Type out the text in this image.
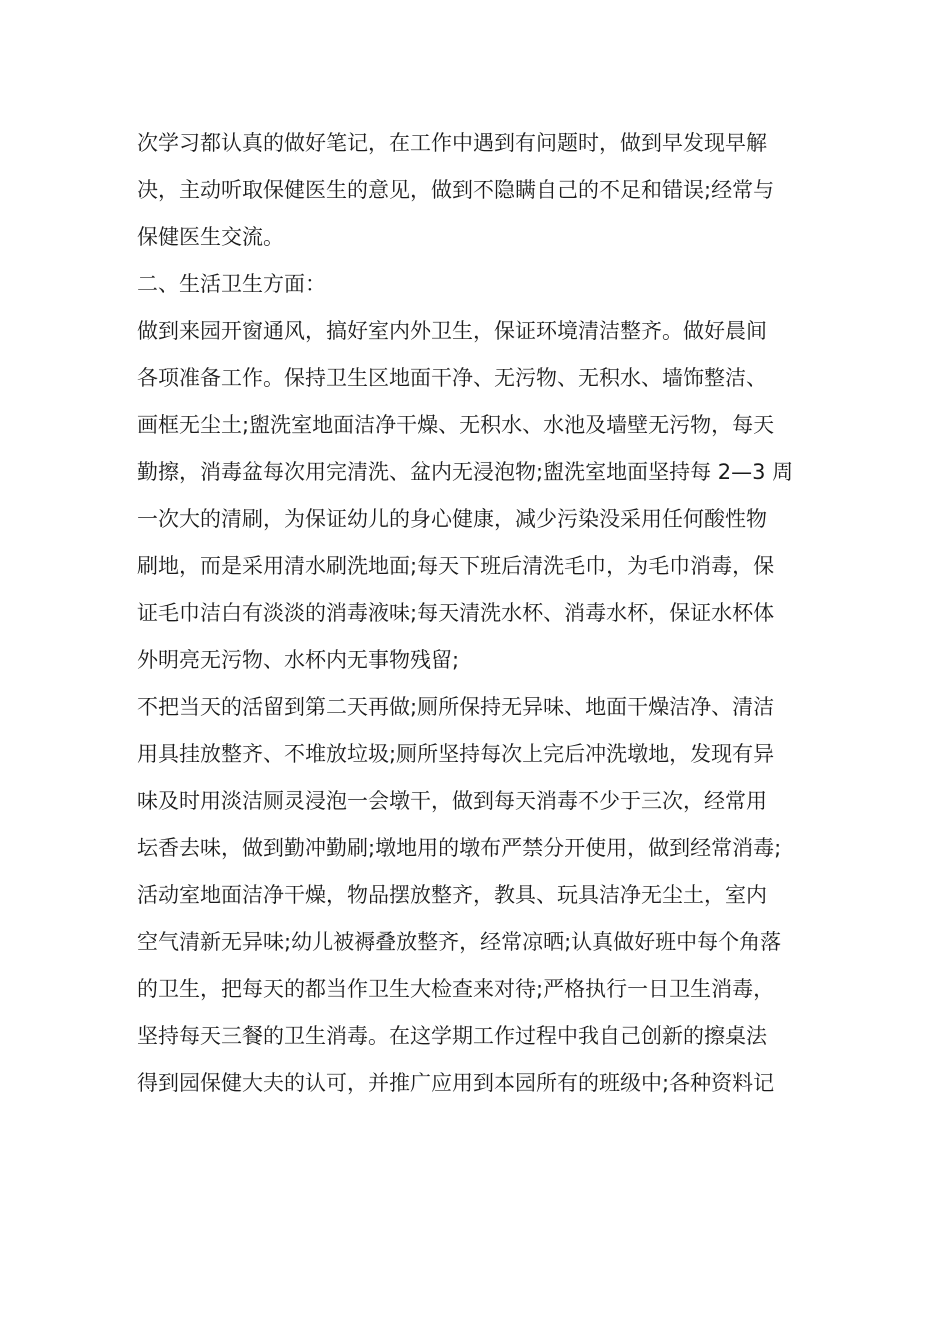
次学习都认真的做好笔记，在工作中遇到有问题时，做到早发现早解
决，主动听取保健医生的意见，做到不隐瞒自己的不足和错误;经常与
保健医生交流。
二、生活卫生方面：
做到来园开窗通风，搞好室内外卫生，保证环境清洁整齐。做好晨间
各项准备工作。保持卫生区地面干净、无污物、无积水、墙饰整洁、
画框无尘土;盥洗室地面洁净干燥、无积水、水池及墙壁无污物，每天
勤擦，消毒盆每次用完清洗、盆内无浸泡物;盥洗室地面坚持每 2—3 周
一次大的清刷，为保证幼儿的身心健康，减少污染没采用任何酸性物
刷地，而是采用清水刷洗地面;每天下班后清洗毛巾，为毛巾消毒，保
证毛巾洁白有淡淡的消毒液味;每天清洗水杯、消毒水杯，保证水杯体
外明亮无污物、水杯内无事物残留;
不把当天的活留到第二天再做;厕所保持无异味、地面干燥洁净、清洁
用具挂放整齐、不堆放垃圾;厕所坚持每次上完后冲洗墩地，发现有异
味及时用淡洁厕灵浸泡一会墩干，做到每天消毒不少于三次，经常用
坛香去味，做到勤冲勤刷;墩地用的墩布严禁分开使用，做到经常消毒;
活动室地面洁净干燥，物品摆放整齐，教具、玩具洁净无尘土，室内
空气清新无异味;幼儿被褥叠放整齐，经常凉晒;认真做好班中每个角落
的卫生，把每天的都当作卫生大检查来对待;严格执行一日卫生消毒，
坚持每天三餐的卫生消毒。在这学期工作过程中我自己创新的擦桌法
得到园保健大夫的认可，并推广应用到本园所有的班级中;各种资料记
